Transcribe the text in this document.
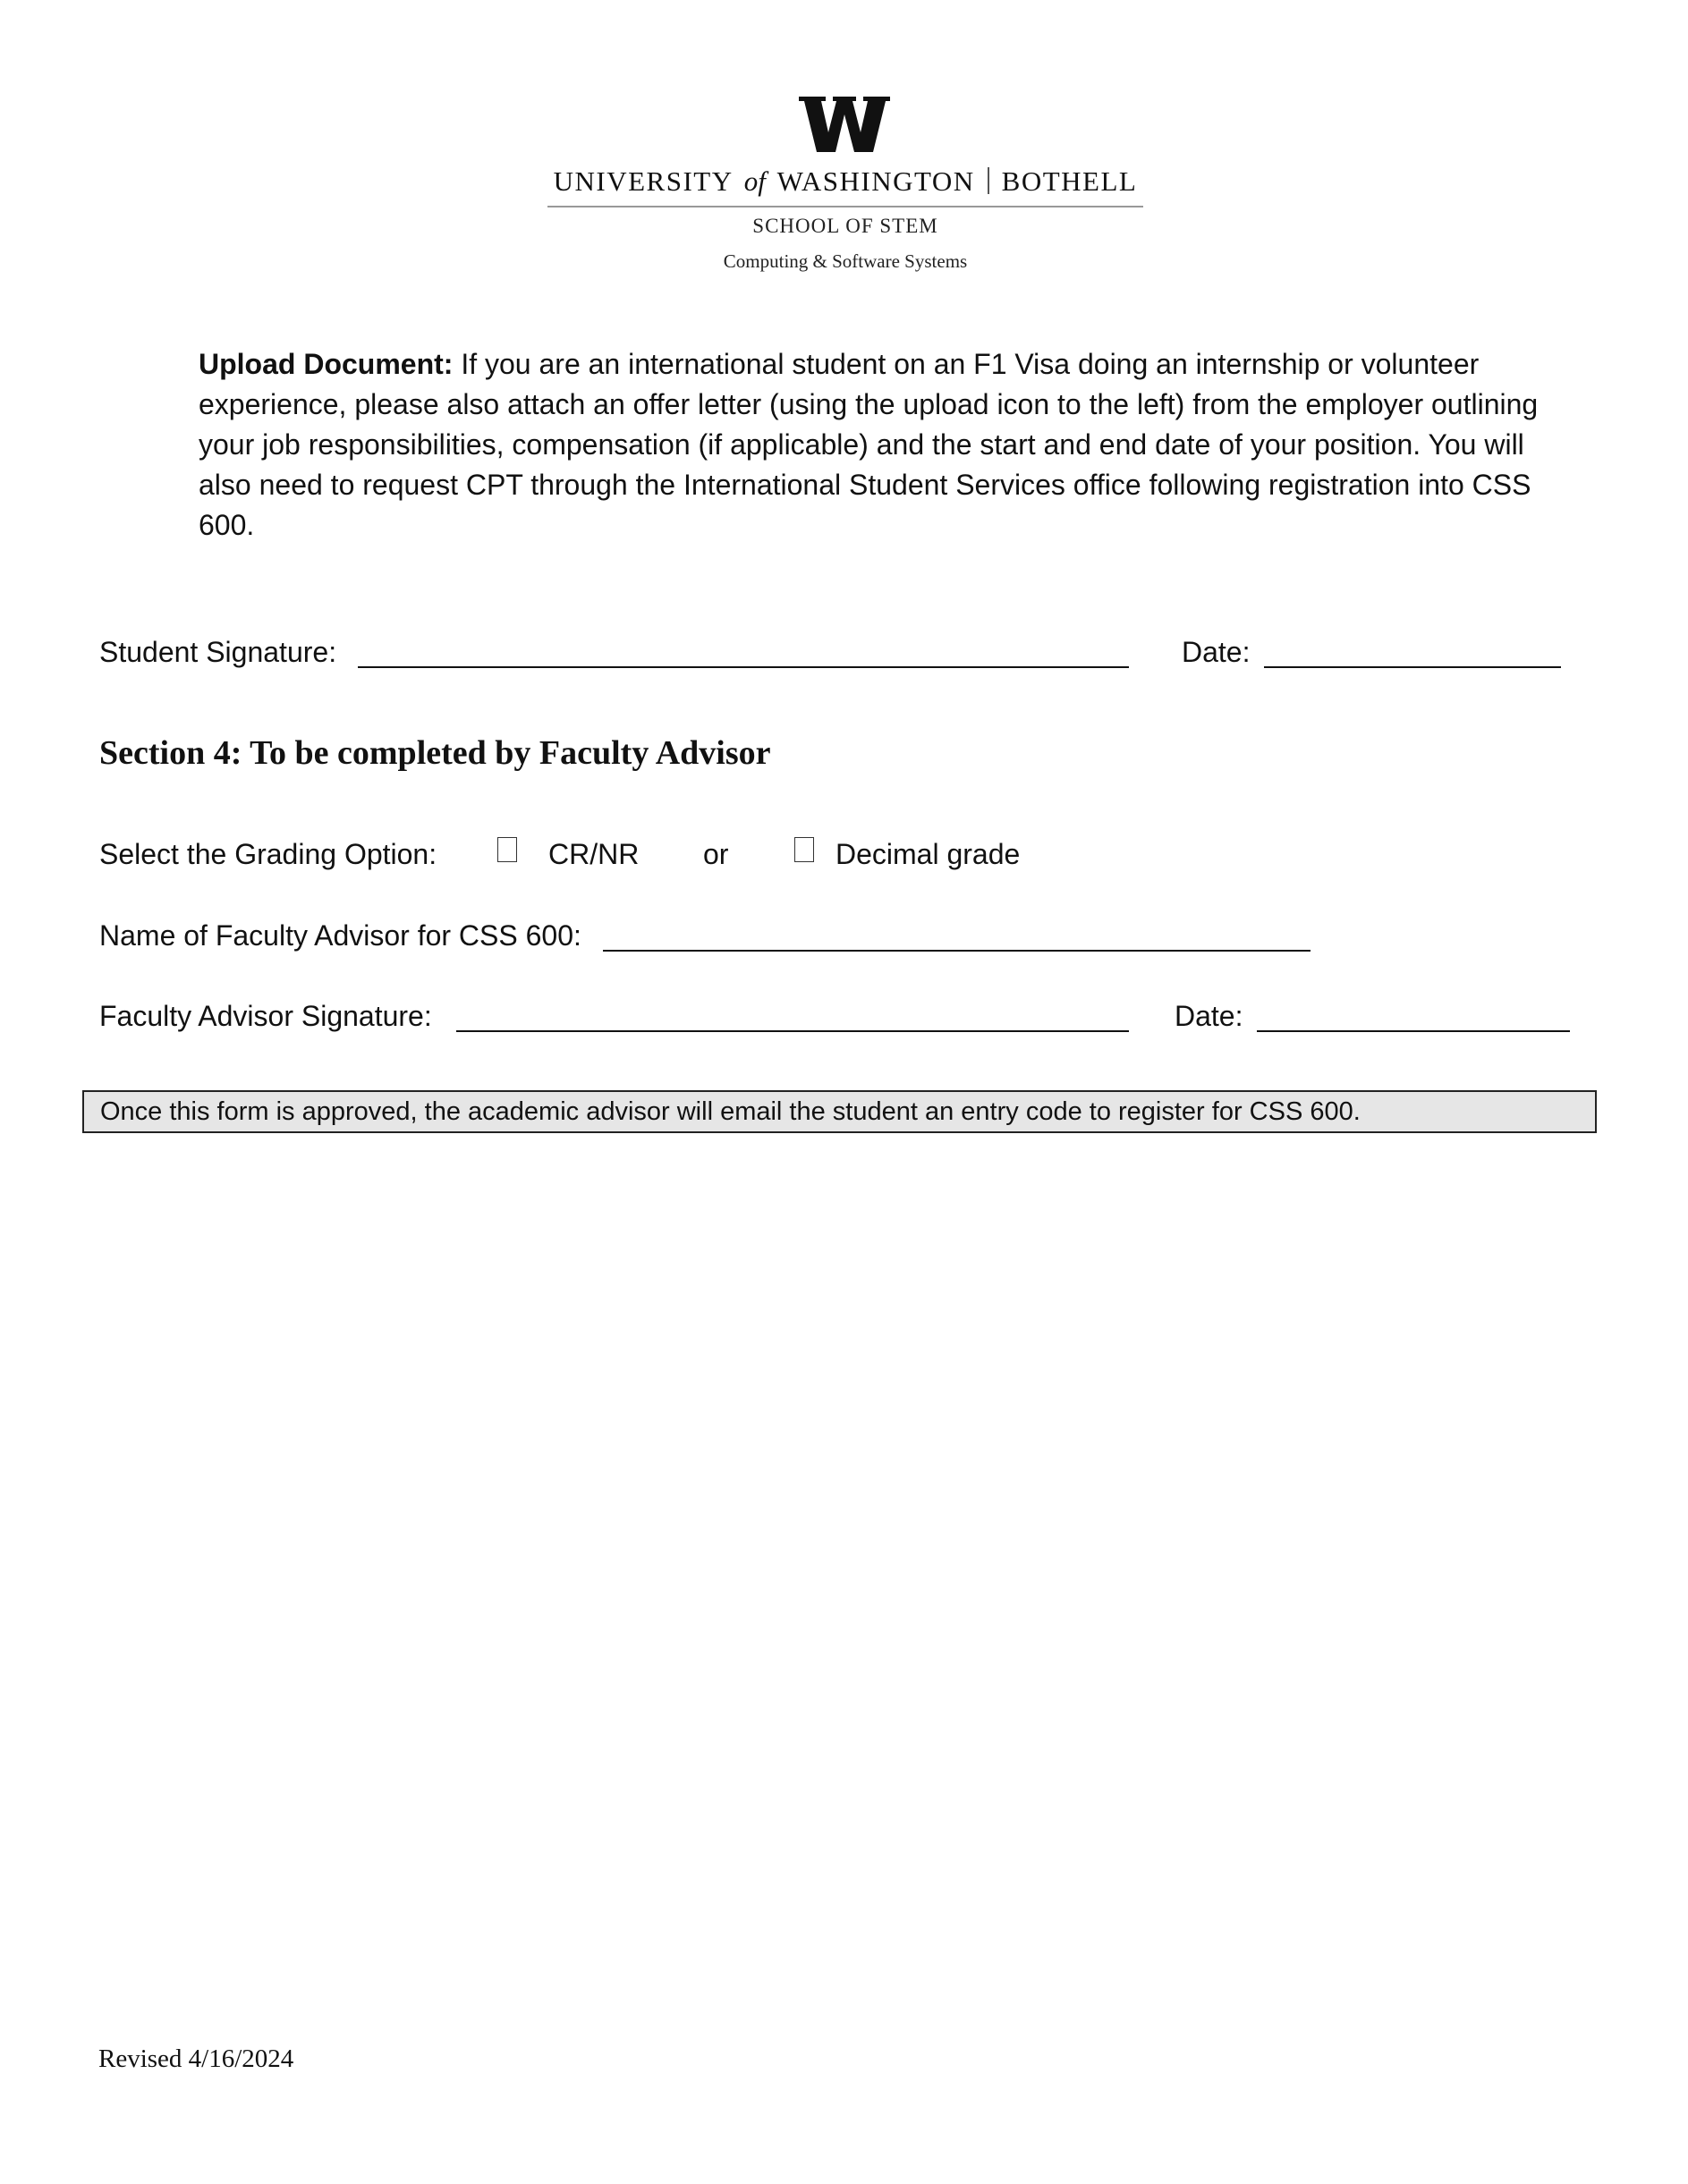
UNIVERSITY of WASHINGTON BOTHELL
SCHOOL OF STEM
Computing & Software Systems
Upload Document: If you are an international student on an F1 Visa doing an internship or volunteer experience, please also attach an offer letter (using the upload icon to the left) from the employer outlining your job responsibilities, compensation (if applicable) and the start and end date of your position. You will also need to request CPT through the International Student Services office following registration into CSS 600.
Student Signature:	Date:
Section 4: To be completed by Faculty Advisor
Select the Grading Option:	CR/NR or	Decimal grade
Name of Faculty Advisor for CSS 600:
Faculty Advisor Signature:	Date:
Once this form is approved, the academic advisor will email the student an entry code to register for CSS 600.
Revised 4/16/2024
